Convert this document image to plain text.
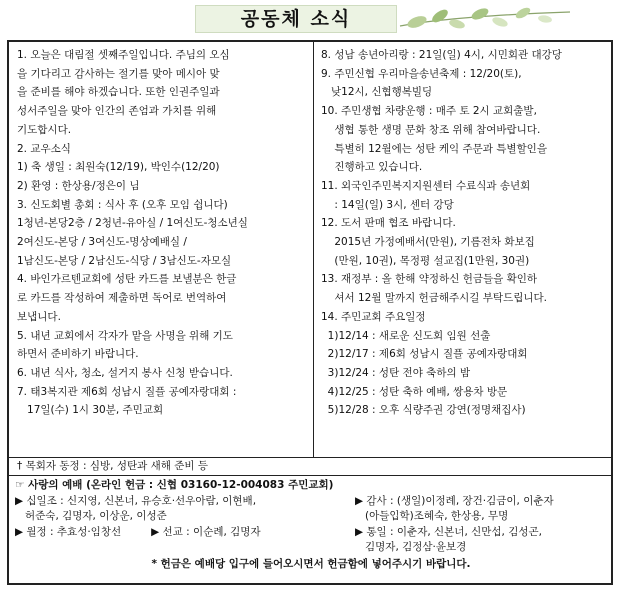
공동체 소식
1. 오늘은 대림절 셋째주일입니다. 주님의 오심
을 기다리고 감사하는 절기를 맞아 메시아 맞
을 준비를 해야 하겠습니다. 또한 인권주일과
성서주일을 맞아 인간의 존엄과 가치를 위해
기도합시다.
2. 교우소식
1) 축 생일 : 최원숙(12/19), 박인수(12/20)
2) 환영 : 한상용/정은이 님
3. 신도회별 총회 : 식사 후 (오후 모임 쉽니다)
1청년-본당2층 / 2청년-유아실 / 1여신도-청소년실
2여신도-본당 / 3여신도-명상예배실 /
1남신도-본당 / 2남신도-식당 / 3남신도-자모실
4. 바인가르텐교회에 성탄 카드를 보낼분은 한글
로 카드를 작성하여 제출하면 독어로 번역하여
보냅니다.
5. 내년 교회에서 각자가 맡을 사명을 위해 기도
하면서 준비하기 바랍니다.
6. 내년 식사, 청소, 설거지 봉사 신청 받습니다.
7. 태3복지관 제6회 성남시 질플 공예자랑대회 :
17일(수) 1시 30분, 주민교회
8. 성남 송년아리랑 : 21일(일) 4시, 시민회관 대강당
9. 주민신협 우리마을송년축제 : 12/20(토),
낮12시, 신협행복빌딩
10. 주민생협 차량운행 : 매주 토 2시 교회출발,
생협 통한 생명 문화 창조 위해 참여바랍니다.
특별히 12월에는 성탄 케익 주문과 특별할인을
진행하고 있습니다.
11. 외국인주민복지지원센터 수료식과 송년회
: 14일(일) 3시, 센터 강당
12. 도서 판매 협조 바랍니다.
2015년 가정예배서(만원), 기름전차 화보집
(만원, 10권), 목정평 설교집(1만원, 30권)
13. 재정부 : 올 한해 약정하신 헌금들을 확인하
셔서 12월 말까지 헌금해주시길 부탁드립니다.
14. 주민교회 주요일정
1)12/14 : 새로운 신도회 임원 선출
2)12/17 : 제6회 성남시 질플 공예자랑대회
3)12/24 : 성탄 전야 축하의 밤
4)12/25 : 성탄 축하 예배, 쌍용차 방문
5)12/28 : 오후 식량주권 강연(정명채집사)
† 목회자 동정 : 심방, 성탄과 새해 준비 등
☞ 사랑의 예배 (온라인 헌금 : 신협 03160-12-004083 주민교회)
▶ 십일조 : 신지영, 신본너, 유승호·선우아람, 이현배,	▶ 감사 : (생일)이정례, 장건·김금이, 이춘자
허준숙, 김명자, 이상운, 이성준	(아들입학)조혜숙, 한상용, 무명
▶ 월정 : 추효성·임창선         ▶ 선교 : 이순례, 김명자	▶ 통일 : 이춘자, 신본너, 신만섭, 김성곤,
김명자, 김정삼·윤보경
* 헌금은 예배당 입구에 들어오시면서 헌금함에 넣어주시기 바랍니다.
